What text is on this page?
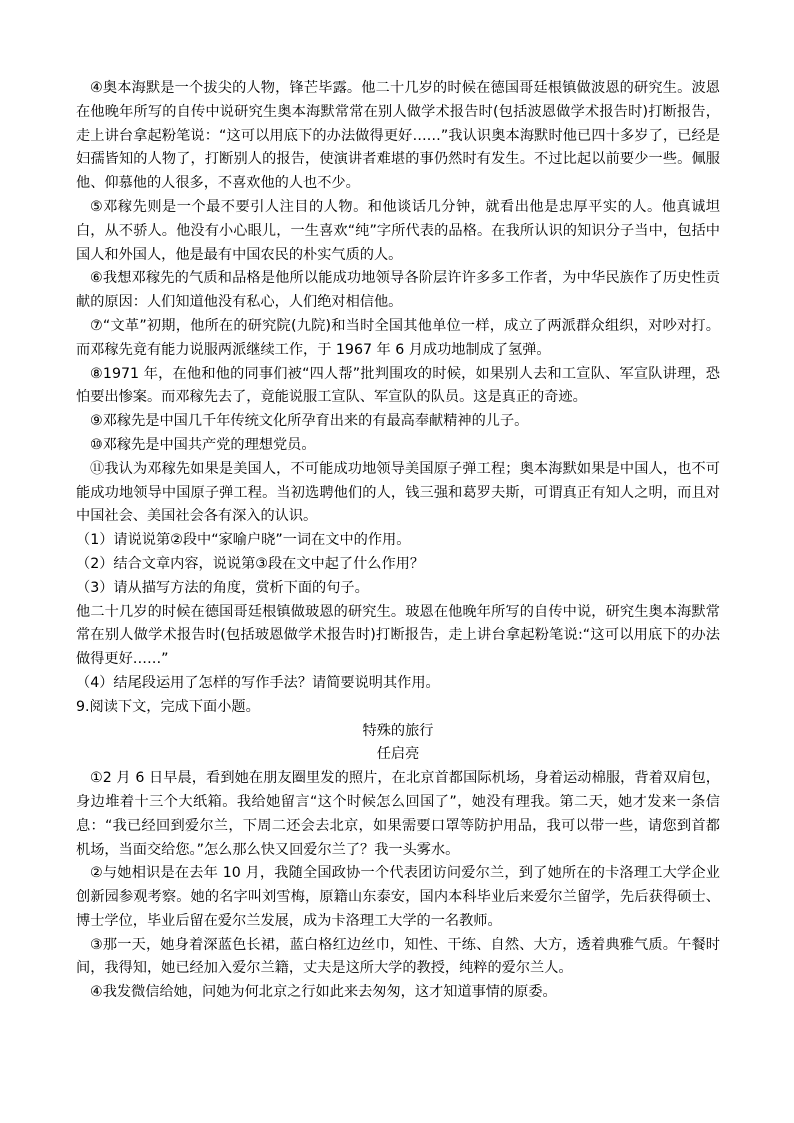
④奥本海默是一个拔尖的人物，锋芒毕露。他二十几岁的时候在德国哥廷根镇做波恩的研究生。波恩在他晚年所写的自传中说研究生奥本海默常常在别人做学术报告时(包括波恩做学术报告时)打断报告，走上讲台拿起粉笔说：“这可以用底下的办法做得更好……”我认识奥本海默时他已四十多岁了，已经是妇孺皆知的人物了，打断别人的报告，使演讲者难堪的事仍然时有发生。不过比起以前要少一些。佩服他、仰慕他的人很多，不喜欢他的人也不少。

⑤邓稼先则是一个最不要引人注目的人物。和他谈话几分钟，就看出他是忠厚平实的人。他真诚坦白，从不骄人。他没有小心眼儿，一生喜欢“纯”字所代表的品格。在我所认识的知识分子当中，包括中国人和外国人，他是最有中国农民的朴实气质的人。

⑥我想邓稼先的气质和品格是他所以能成功地领导各阶层许许多多工作者，为中华民族作了历史性贡献的原因：人们知道他没有私心，人们绝对相信他。

⑦“文革”初期，他所在的研究院(九院)和当时全国其他单位一样，成立了两派群众组织，对吵对打。而邓稼先竟有能力说服两派继续工作，于 1967 年 6 月成功地制成了氢弹。

⑧1971 年，在他和他的同事们被“四人帮”批判围攻的时候，如果别人去和工宣队、军宣队讲理，恐怕要出惨案。而邓稼先去了，竟能说服工宣队、军宣队的队员。这是真正的奇迹。

⑨邓稼先是中国几千年传统文化所孕育出来的有最高奉献精神的儿子。

⑩邓稼先是中国共产党的理想党员。

⑪我认为邓稼先如果是美国人，不可能成功地领导美国原子弹工程；奥本海默如果是中国人，也不可能成功地领导中国原子弹工程。当初选聘他们的人，钱三强和葛罗夫斯，可谓真正有知人之明，而且对中国社会、美国社会各有深入的认识。

（1）请说说第②段中“家喻户晓”一词在文中的作用。

（2）结合文章内容，说说第③段在文中起了什么作用？

（3）请从描写方法的角度，赏析下面的句子。

他二十几岁的时候在德国哥廷根镇做玻恩的研究生。玻恩在他晚年所写的自传中说，研究生奥本海默常常在别人做学术报告时(包括玻恩做学术报告时)打断报告，走上讲台拿起粉笔说:“这可以用底下的办法做得更好……”

（4）结尾段运用了怎样的写作手法？请简要说明其作用。

9.阅读下文，完成下面小题。

特殊的旅行

任启亮

①2 月 6 日早晨，看到她在朋友圈里发的照片，在北京首都国际机场，身着运动棉服，背着双肩包，身边堆着十三个大纸箱。我给她留言“这个时候怎么回国了”，她没有理我。第二天，她才发来一条信息：“我已经回到爱尔兰，下周二还会去北京，如果需要口罩等防护用品，我可以带一些，请您到首都机场，当面交给您。”怎么那么快又回爱尔兰了？我一头雾水。

②与她相识是在去年 10 月，我随全国政协一个代表团访问爱尔兰，到了她所在的卡洛理工大学企业创新园参观考察。她的名字叫刘雪梅，原籍山东泰安，国内本科毕业后来爱尔兰留学，先后获得硕士、博士学位，毕业后留在爱尔兰发展，成为卡洛理工大学的一名教师。

③那一天，她身着深蓝色长裙，蓝白格红边丝巾，知性、干练、自然、大方，透着典雅气质。午餐时间，我得知，她已经加入爱尔兰籍，丈夫是这所大学的教授，纯粹的爱尔兰人。

④我发微信给她，问她为何北京之行如此来去匆匆，这才知道事情的原委。
